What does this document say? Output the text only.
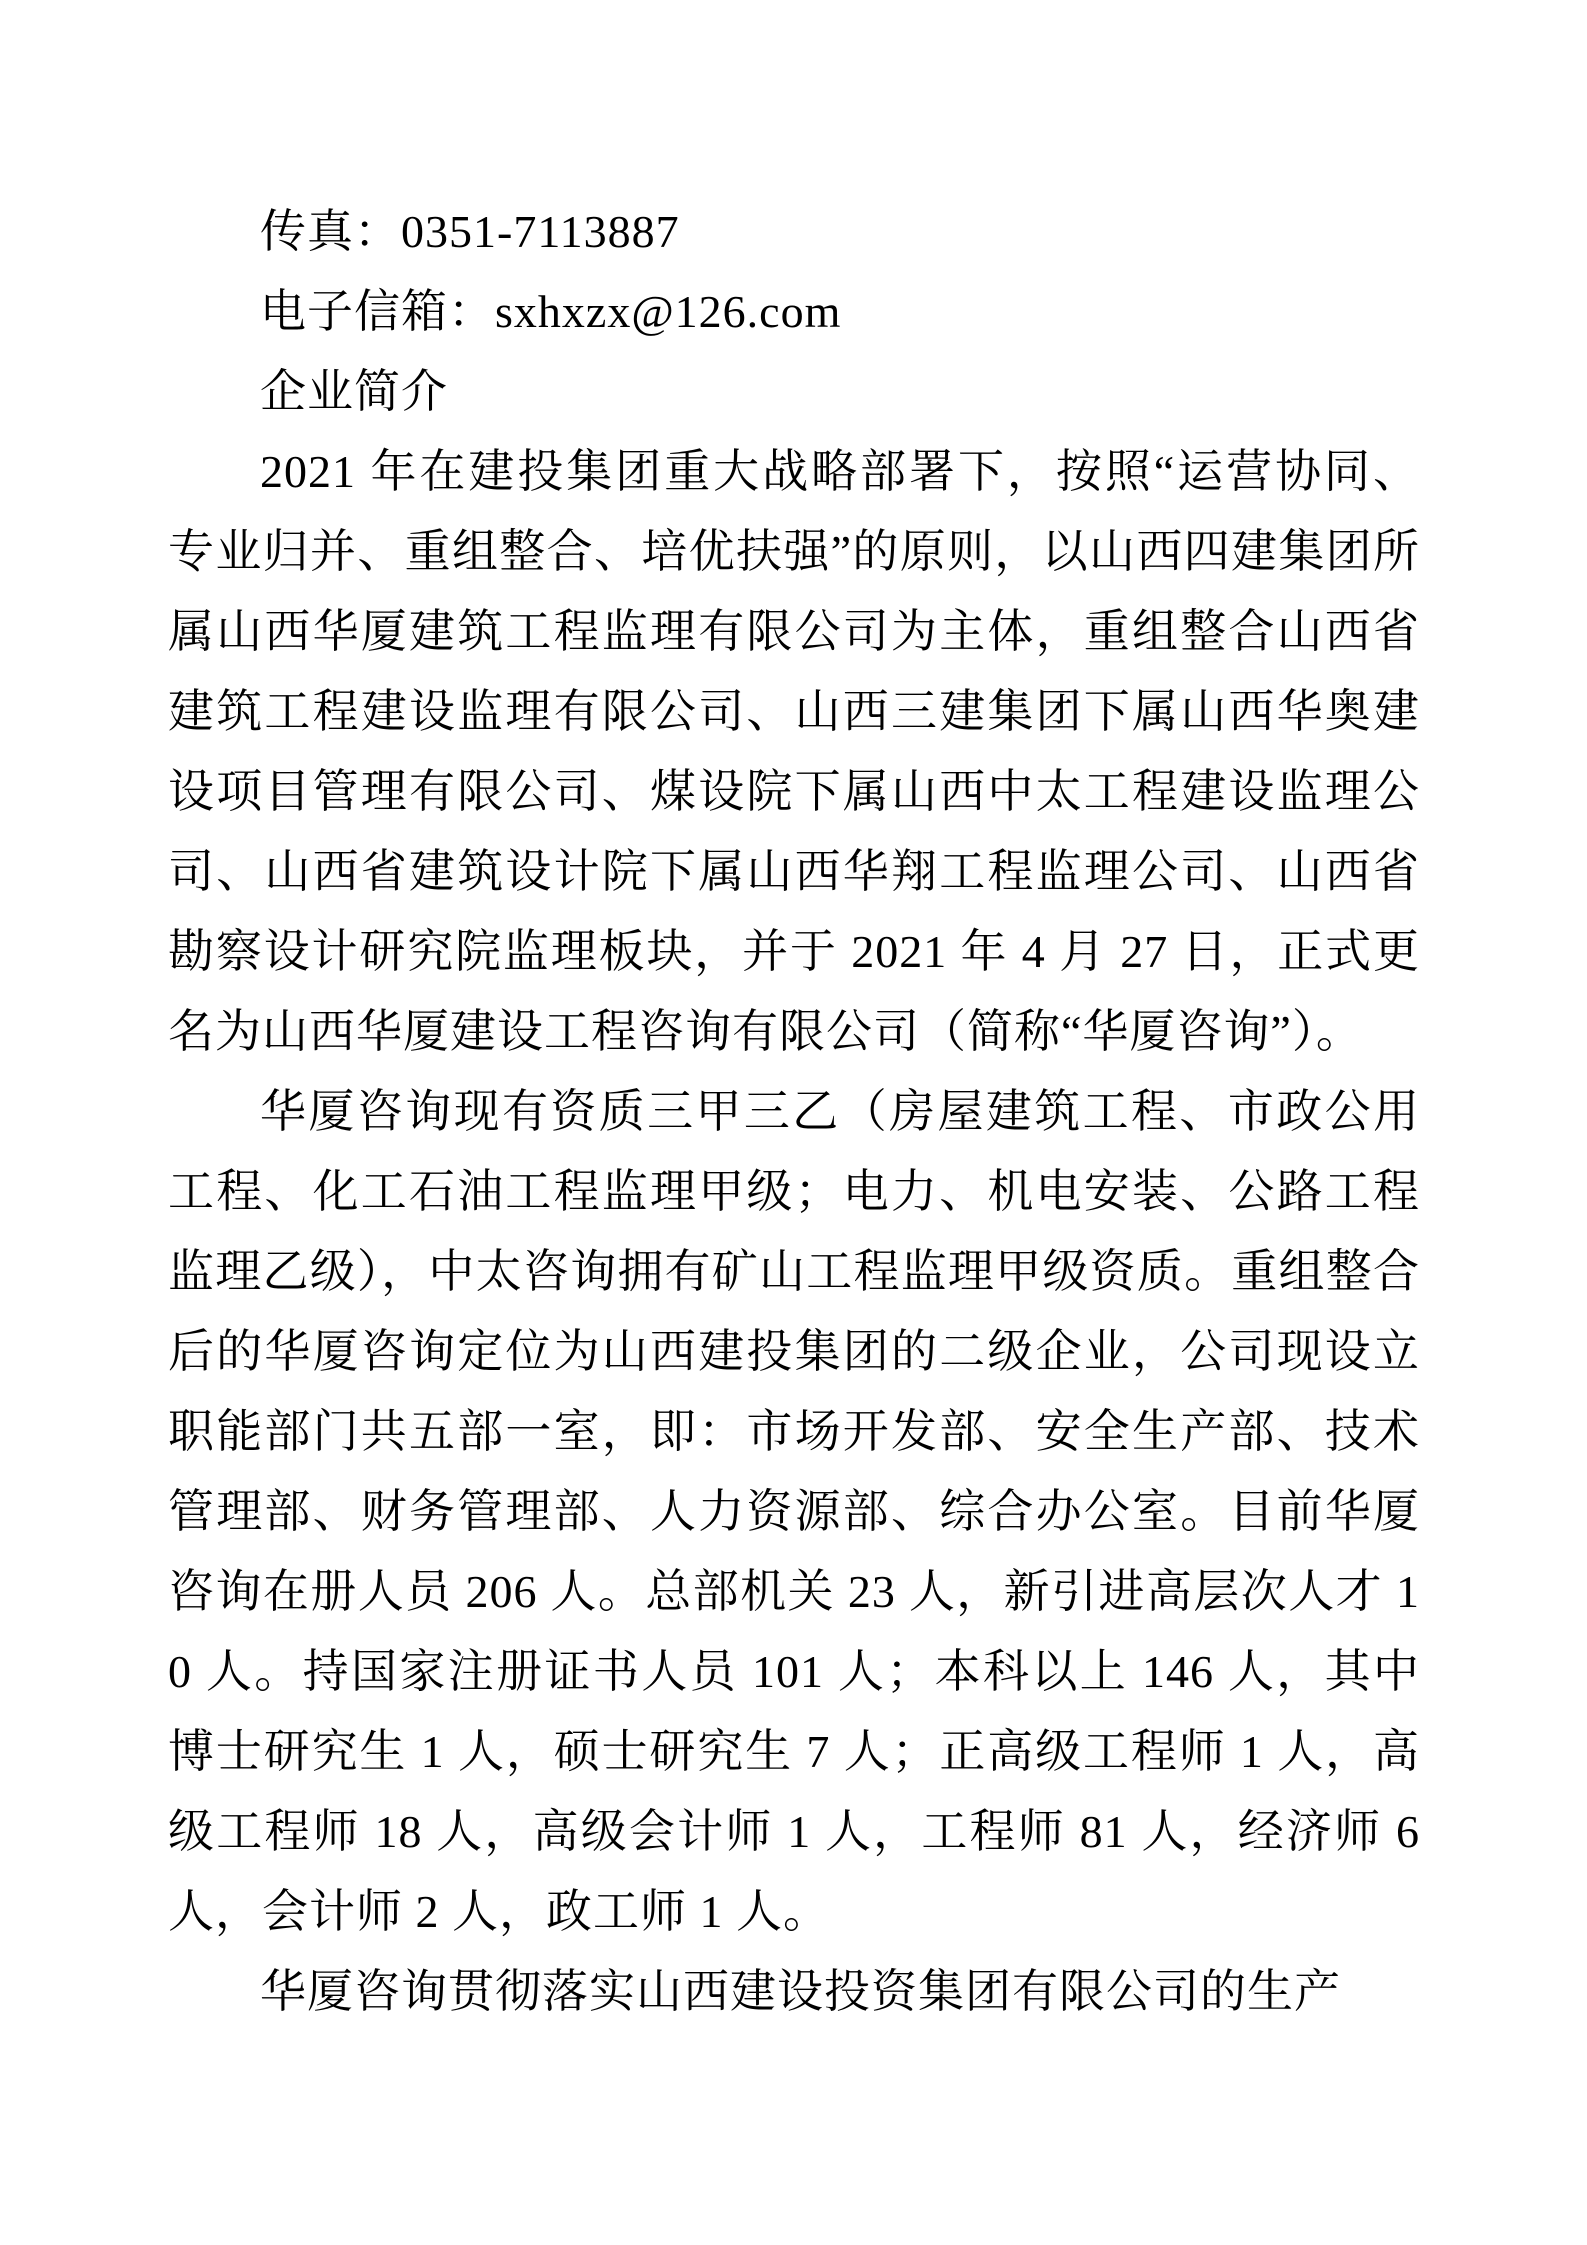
传真：0351-7113887

电子信箱：sxhxzx@126.com

企业简介

2021 年在建投集团重大战略部署下，按照“运营协同、专业归并、重组整合、培优扶强”的原则，以山西四建集团所属山西华厦建筑工程监理有限公司为主体，重组整合山西省建筑工程建设监理有限公司、山西三建集团下属山西华奥建设项目管理有限公司、煤设院下属山西中太工程建设监理公司、山西省建筑设计院下属山西华翔工程监理公司、山西省勘察设计研究院监理板块，并于 2021 年 4 月 27 日，正式更名为山西华厦建设工程咨询有限公司（简称“华厦咨询”）。

华厦咨询现有资质三甲三乙（房屋建筑工程、市政公用工程、化工石油工程监理甲级；电力、机电安装、公路工程监理乙级），中太咨询拥有矿山工程监理甲级资质。重组整合后的华厦咨询定位为山西建投集团的二级企业，公司现设立职能部门共五部一室，即：市场开发部、安全生产部、技术管理部、财务管理部、人力资源部、综合办公室。目前华厦咨询在册人员 206 人。总部机关 23 人，新引进高层次人才 10 人。持国家注册证书人员 101 人；本科以上 146 人，其中博士研究生 1 人，硕士研究生 7 人；正高级工程师 1 人，高级工程师 18 人，高级会计师 1 人，工程师 81 人，经济师 6 人，会计师 2 人，政工师 1 人。

华厦咨询贯彻落实山西建设投资集团有限公司的生产
